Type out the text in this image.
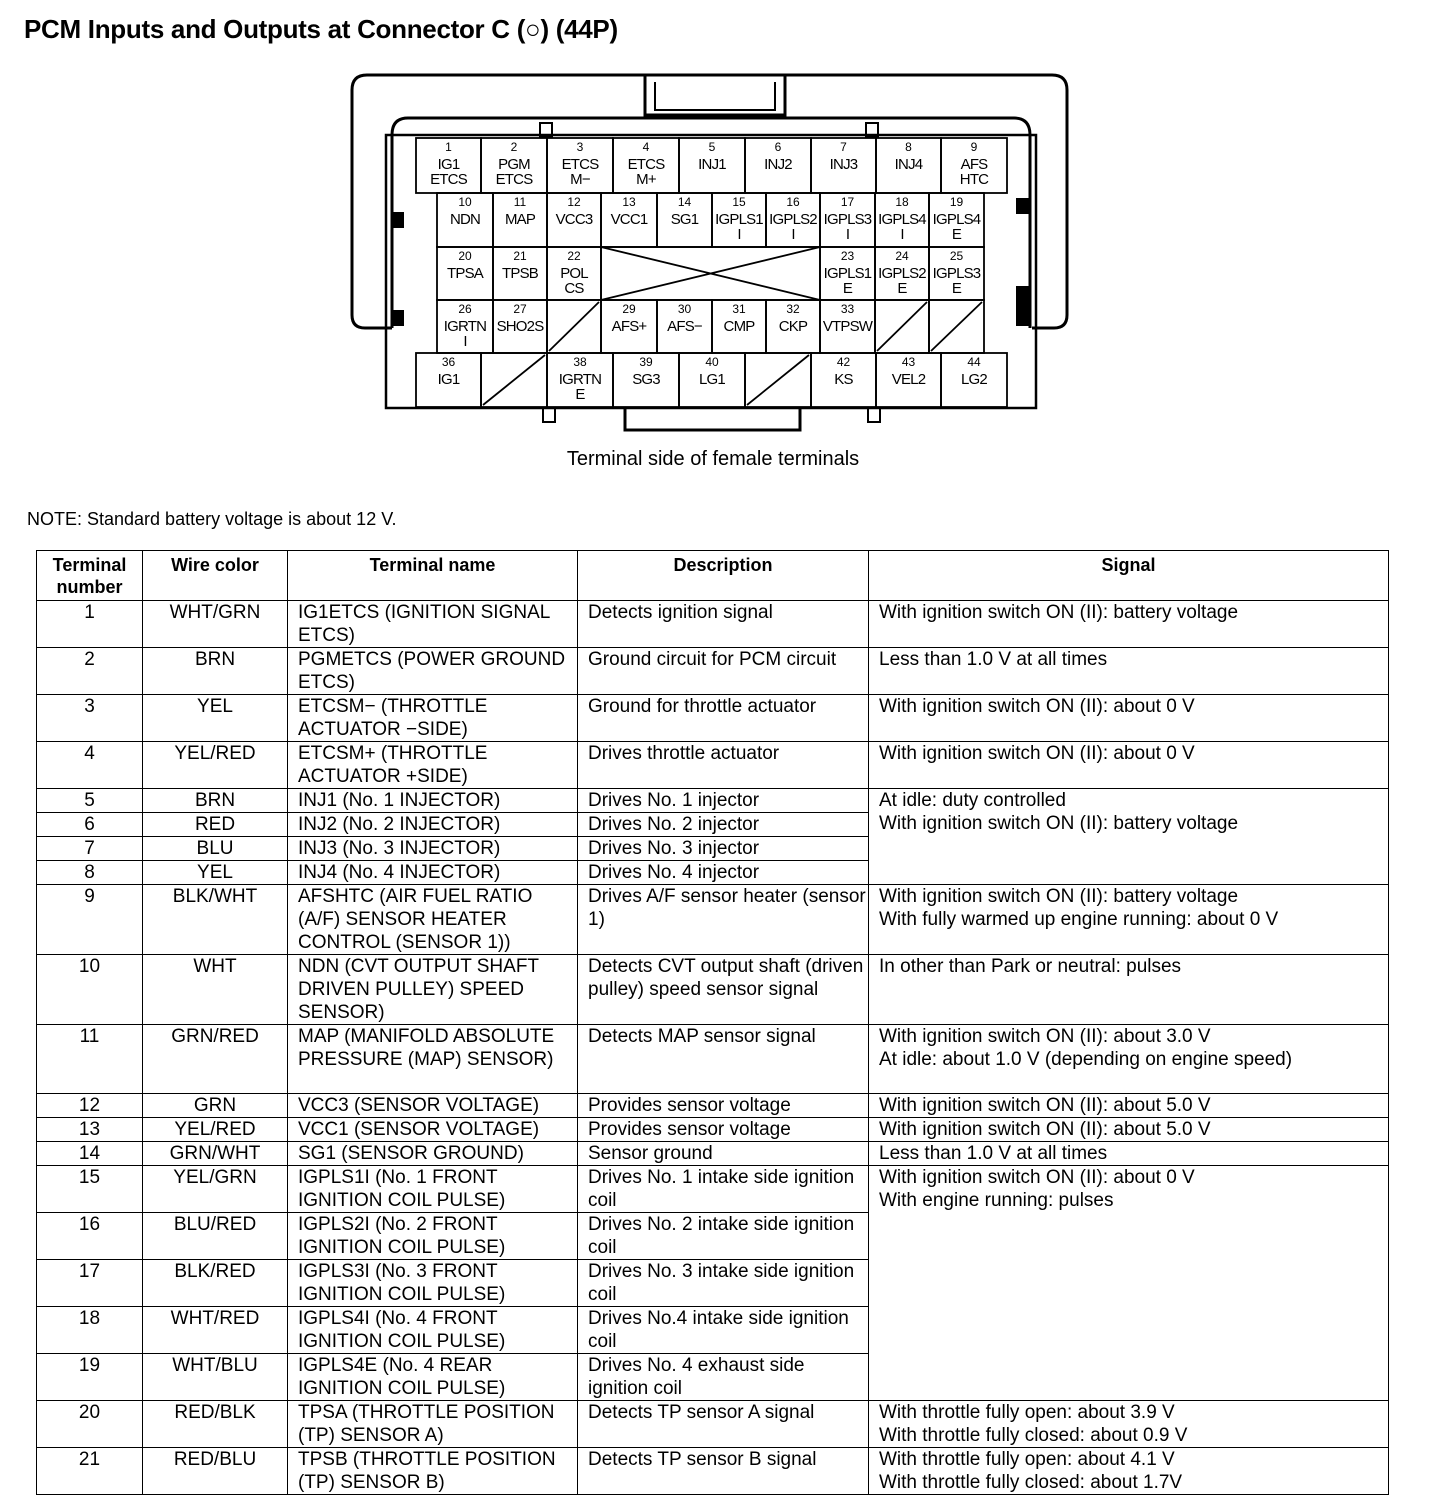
PCM Inputs and Outputs at Connector C (○) (44P)
1
IG1
ETCS
2
PGM
ETCS
3
ETCS
M−
4
ETCS
M+
5
INJ1
6
INJ2
7
INJ3
8
INJ4
9
AFS
HTC
10
NDN
11
MAP
12
VCC3
13
VCC1
14
SG1
15
IGPLS1
I
16
IGPLS2
I
17
IGPLS3
I
18
IGPLS4
I
19
IGPLS4
E
20
TPSA
21
TPSB
22
POL
CS
23
IGPLS1
E
24
IGPLS2
E
25
IGPLS3
E
26
IGRTN
I
27
SHO2S
29
AFS+
30
AFS−
31
CMP
32
CKP
33
VTPSW
36
IG1
38
IGRTN
E
39
SG3
40
LG1
42
KS
43
VEL2
44
LG2
Terminal side of female terminals
NOTE: Standard battery voltage is about 12 V.
Terminal number	Wire color	Terminal name	Description	Signal
1	WHT/GRN	IG1ETCS (IGNITION SIGNAL ETCS)	Detects ignition signal	With ignition switch ON (II): battery voltage
2	BRN	PGMETCS (POWER GROUND ETCS)	Ground circuit for PCM circuit	Less than 1.0 V at all times
3	YEL	ETCSM− (THROTTLE ACTUATOR −SIDE)	Ground for throttle actuator	With ignition switch ON (II): about 0 V
4	YEL/RED	ETCSM+ (THROTTLE ACTUATOR +SIDE)	Drives throttle actuator	With ignition switch ON (II): about 0 V
5	BRN	INJ1 (No. 1 INJECTOR)	Drives No. 1 injector	At idle: duty controlled
With ignition switch ON (II): battery voltage
6	RED	INJ2 (No. 2 INJECTOR)	Drives No. 2 injector	
7	BLU	INJ3 (No. 3 INJECTOR)	Drives No. 3 injector	
8	YEL	INJ4 (No. 4 INJECTOR)	Drives No. 4 injector	
9	BLK/WHT	AFSHTC (AIR FUEL RATIO (A/F) SENSOR HEATER CONTROL (SENSOR 1))	Drives A/F sensor heater (sensor 1)	With ignition switch ON (II): battery voltage
With fully warmed up engine running: about 0 V
10	WHT	NDN (CVT OUTPUT SHAFT DRIVEN PULLEY) SPEED SENSOR)	Detects CVT output shaft (driven pulley) speed sensor signal	In other than Park or neutral: pulses
11	GRN/RED	MAP (MANIFOLD ABSOLUTE PRESSURE (MAP) SENSOR)	Detects MAP sensor signal	With ignition switch ON (II): about 3.0 V
At idle: about 1.0 V (depending on engine speed)
12	GRN	VCC3 (SENSOR VOLTAGE)	Provides sensor voltage	With ignition switch ON (II): about 5.0 V
13	YEL/RED	VCC1 (SENSOR VOLTAGE)	Provides sensor voltage	With ignition switch ON (II): about 5.0 V
14	GRN/WHT	SG1 (SENSOR GROUND)	Sensor ground	Less than 1.0 V at all times
15	YEL/GRN	IGPLS1I (No. 1 FRONT IGNITION COIL PULSE)	Drives No. 1 intake side ignition coil	With ignition switch ON (II): about 0 V
With engine running: pulses
16	BLU/RED	IGPLS2I (No. 2 FRONT IGNITION COIL PULSE)	Drives No. 2 intake side ignition coil	
17	BLK/RED	IGPLS3I (No. 3 FRONT IGNITION COIL PULSE)	Drives No. 3 intake side ignition coil	
18	WHT/RED	IGPLS4I (No. 4 FRONT IGNITION COIL PULSE)	Drives No.4 intake side ignition coil	
19	WHT/BLU	IGPLS4E (No. 4 REAR IGNITION COIL PULSE)	Drives No. 4 exhaust side ignition coil	
20	RED/BLK	TPSA (THROTTLE POSITION (TP) SENSOR A)	Detects TP sensor A signal	With throttle fully open: about 3.9 V
With throttle fully closed: about 0.9 V
21	RED/BLU	TPSB (THROTTLE POSITION (TP) SENSOR B)	Detects TP sensor B signal	With throttle fully open: about 4.1 V
With throttle fully closed: about 1.7V
